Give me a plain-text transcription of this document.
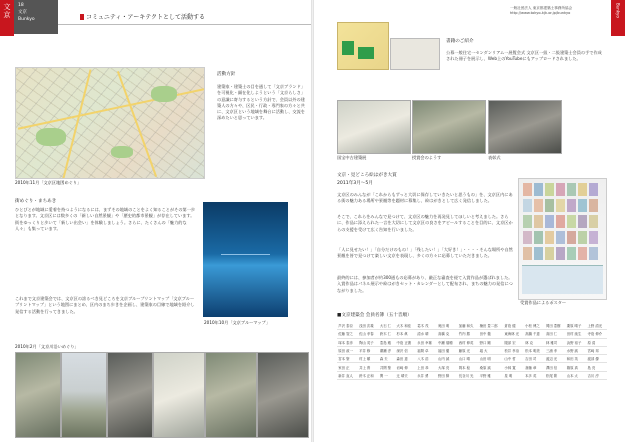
文京	18
文京
Bunkyo	コミュニティ・アーキテクトとして活動する
2010年11月「文京区地図めぐり」
活動方針
建築家・建築士の目を通して「文京ブランド」を可視化・顕在化しようという「文京らしさ」の意識に寄与するという方針で、会員以外の建築人の方々や、区民・行政・専門家の方々と共に、文京区という地域を舞台に活動し、交流を深めたいと思っています。
街めぐり・まちあき
ひとびとが地域に愛着を持つようになるには、まずその地域のことをよく知ることがその第一歩となります。文京区には数多くの「新しい自然景観」や「歴史的都市景観」が存在しています。街をゆっくりと歩いて「新しい出会い」を体験しましょう。さらに、たくさんの「魅力的な人々」も集っています。
2010年10月「文京ブルーマップ」
これまで文京建築会では、文京区の誇るべき見どころを文京ブループリントマップ「文京ブループリントマップ」という地図にまとめ、区内のまち歩きを企画し、建築家の目線で地域を紹介し発信する活動を行ってきました。
2010年2月「文京川沿いめぐり」
Bunkyo
一般社団法人 東京都建築士事務所協会
http://www.tokyo-kjk.or.jp/bunkyo
書籍のご紹介
公募一般住宅一センダンリアム一展覧会式 文京区一級・二級建築士会員の手で作成された冊子を展示し、Web上のYouTubeにもアップロードされました。
国宝中古建築展	授賞会のようす	表彰式
文京・見どころ絵はがき大賞
2011年3月〜5月
文京区のみんなが「これからもずっと大切に保存していきたいと思うもの」を、文京区内にある街の魅力ある場所や景観等を題材に募集し、絵はがきとして広く発信しました。
そこで、これらをみんなで見つけて、文京区の魅力を再発見してほしいと考えました。さらに、作品に添えられた一言を大切にして文京区の良さをアピールすることを目的に、文京区からの支援を受けて広く告知を行いました。
「人に見せたい！」「自分だけのもの！」「残したい！」「大好き！」・・・・そんな場所や自然景観を皆で見つけて楽しい文京を表現し、多くの方々に応募していただきました。
最終的には、参加者が約300通もの応募があり、厳正な審査を経て入賞作品が選ばれました。入賞作品はパネル展示や絵はがきセット・カレンダーとして配布され、まちの魅力の発信につながりました。
受賞作品によるポスター
■文京建築会 会員名簿（五十音順）
芦沢 泰臣	浅田 次義	大石 仁	大木 和佳	葛木 茂	奥田 明	加藤 和久	楠田 豊二郎	倉島 健	小松 博之	岡田 豊樹	栗原 晴子	上野 清光
佐藤 智之	佐山 孝春	鈴木 仁	杉本 眞	清水 晴	高橋 克	竹内 勝	田中 徹	東海林 光	高鍋 千恵	高田 仁	田村 純生	寺島 伸介
塚本 泰彦	陶山 英子	豊島 雅	中島 正憲	永田 幸雄	中瀬 瑞穂	西村 伸英	野口 剛	服部 宏	林 克	林 雅司	浜野 裕子	原 清
原田 政一	平井 修	廣瀬 淳	深沢 信	福岡 卓	福田 徹	藤原 光	堀 大	松井 孝治	松本 明美	三浦 孝	水野 誠	宮崎 邦
宮本 聖	村上 順	森 夫	森田 恵	八木 浩	山内 誠	山口 晴	山田 明	山中 哲	吉田 司	渡辺 光	和田 英	渡部 優
家田 正	井上 貴	井関 聖	岩崎 伸	上田 恭	大塚 亮	岡本 稔	桑原 誠	小林 寛	斎藤 章	澤田 信	篠原 真	島 亮
新井 直人	鈴木 正和	関 一	辻 晴夫	永井 勇	野田 賢	長谷川 光	平野 雅	星 明	本多 英	松尾 繁	山本 太	吉川 淳
